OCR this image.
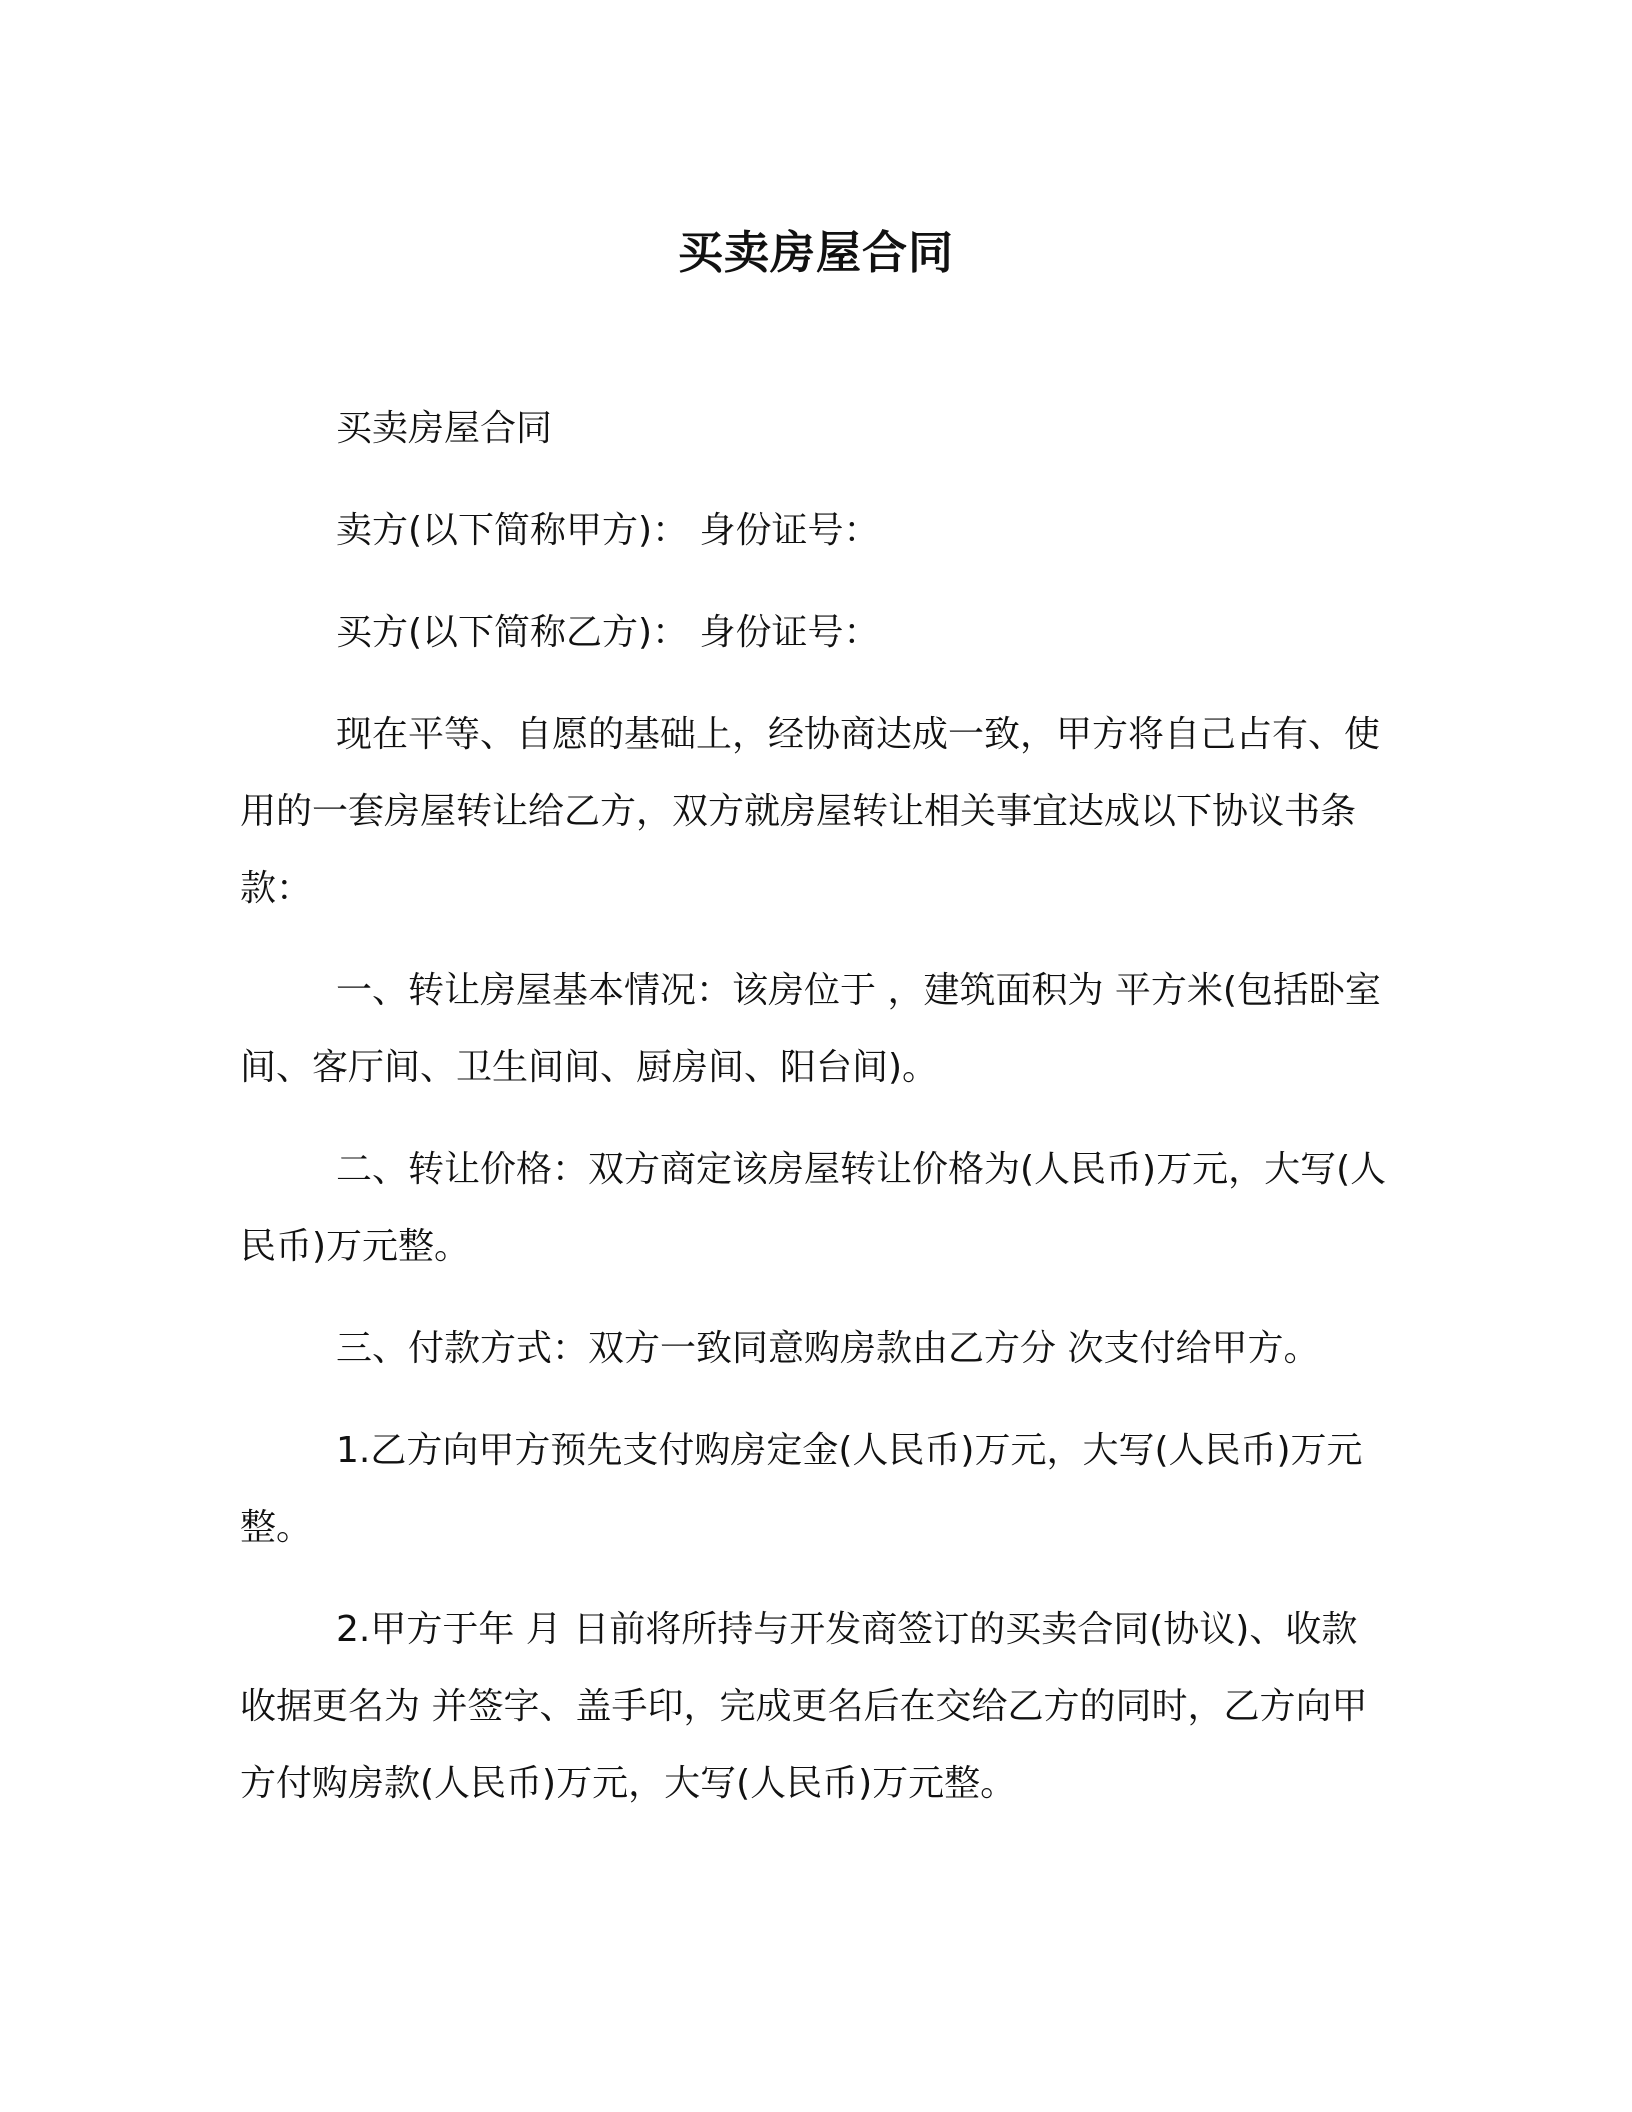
买卖房屋合同

买卖房屋合同

卖方(以下简称甲方)： 身份证号：

买方(以下简称乙方)： 身份证号：

现在平等、自愿的基础上，经协商达成一致，甲方将自己占有、使用的一套房屋转让给乙方，双方就房屋转让相关事宜达成以下协议书条款：

一、转让房屋基本情况：该房位于 ，建筑面积为 平方米(包括卧室间、客厅间、卫生间间、厨房间、阳台间)。

二、转让价格：双方商定该房屋转让价格为(人民币)万元，大写(人民币)万元整。

三、付款方式：双方一致同意购房款由乙方分 次支付给甲方。

1.乙方向甲方预先支付购房定金(人民币)万元，大写(人民币)万元整。

2.甲方于年 月 日前将所持与开发商签订的买卖合同(协议)、收款收据更名为 并签字、盖手印，完成更名后在交给乙方的同时，乙方向甲方付购房款(人民币)万元，大写(人民币)万元整。
